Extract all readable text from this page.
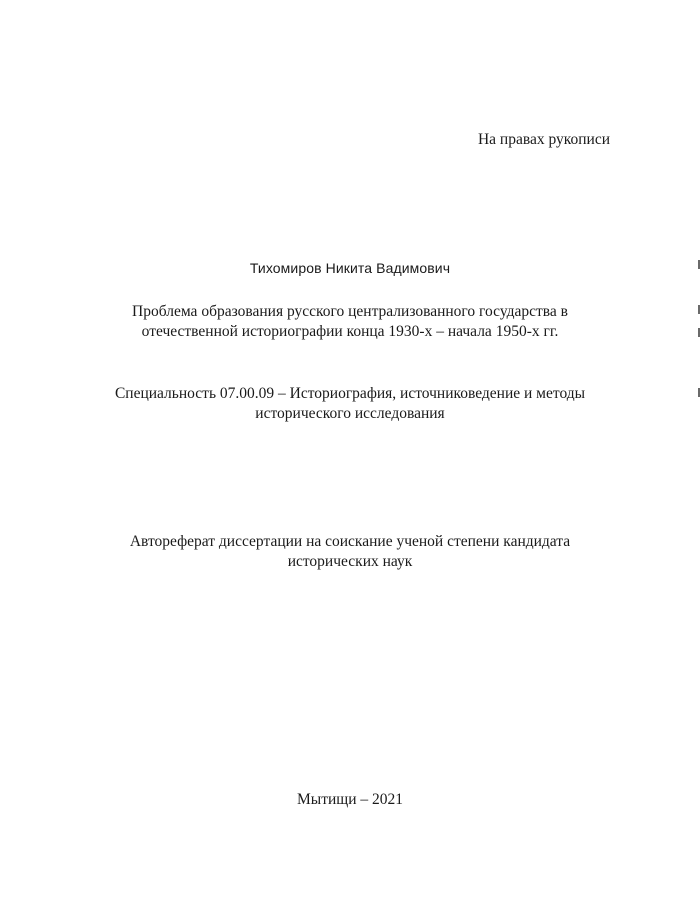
На правах рукописи
Тихомиров Никита Вадимович
Проблема образования русского централизованного государства в
отечественной историографии конца 1930-х – начала 1950-х гг.
Специальность 07.00.09 – Историография, источниковедение и методы
исторического исследования
Автореферат диссертации на соискание ученой степени кандидата
исторических наук
Мытищи – 2021
